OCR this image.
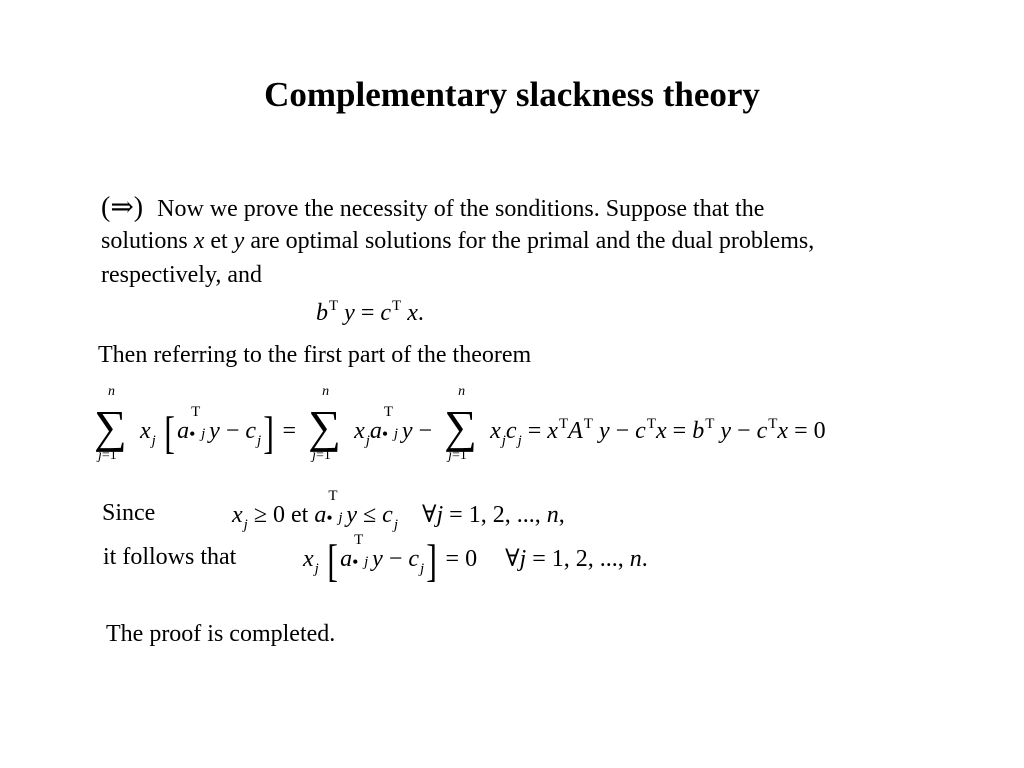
Complementary slackness theory
(⇒) Now we prove the necessity of the sonditions. Suppose that the
solutions x et y are optimal solutions for the primal and the dual problems,
respectively, and
$b^T$ $y = c^T$ x.
Then referring to the first part of the theorem
n
∑
j=1
$x_j$ [a
T
• j $y - c_j$] =
n
∑
j=1
$x_ja$
T
• j y −
n
∑
j=1
$x_jc_j = x^TA^T$ $y - c^Tx = b^T$ $y - c^Tx = 0$
Since	$x_j \ge 0$ et a
T
• j $y \le c_j$ ∀j = 1, 2, ..., n,
it follows that	$x_j$ [a
T
• j $y - c_j] = 0$ ∀j = 1, 2, ..., n.
The proof is completed.
